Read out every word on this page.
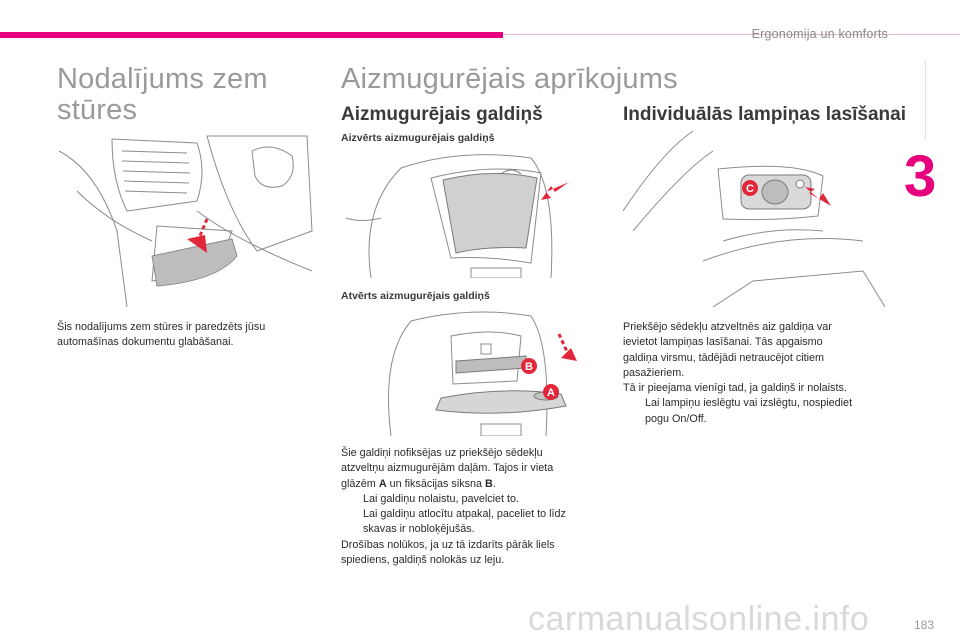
Ergonomija un komforts
3
Nodalījums zem
stūres

Šis nodalījums zem stūres ir paredzēts jūsu

automašīnas dokumentu glabāšanai.

Aizmugurējais aprīkojums
Aizmugurējais galdiņš
Aizvērts aizmugurējais galdiņš
Atvērts aizmugurējais galdiņš
B
A

Šie galdiņi nofiksējas uz priekšējo sēdekļu

atzveltņu aizmugurējām daļām. Tajos ir vieta

glāzēm A un fiksācijas siksna B.

Lai galdiņu nolaistu, pavelciet to.
Lai galdiņu atlocītu atpakaļ, paceliet to līdz
skavas ir nobloķējušās.

Drošības nolūkos, ja uz tā izdarīts pārāk liels

spiediens, galdiņš nolokās uz leju.

Individuālās lampiņas lasīšanai
C

Priekšējo sēdekļu atzveltnēs aiz galdiņa var

ievietot lampiņas lasīšanai. Tās apgaismo

galdiņa virsmu, tādējādi netraucējot citiem

pasažieriem.

Tā ir pieejama vienīgi tad, ja galdiņš ir nolaists.

Lai lampiņu ieslēgtu vai izslēgtu, nospiediet
pogu On/Off.
carmanualsonline.info	183
